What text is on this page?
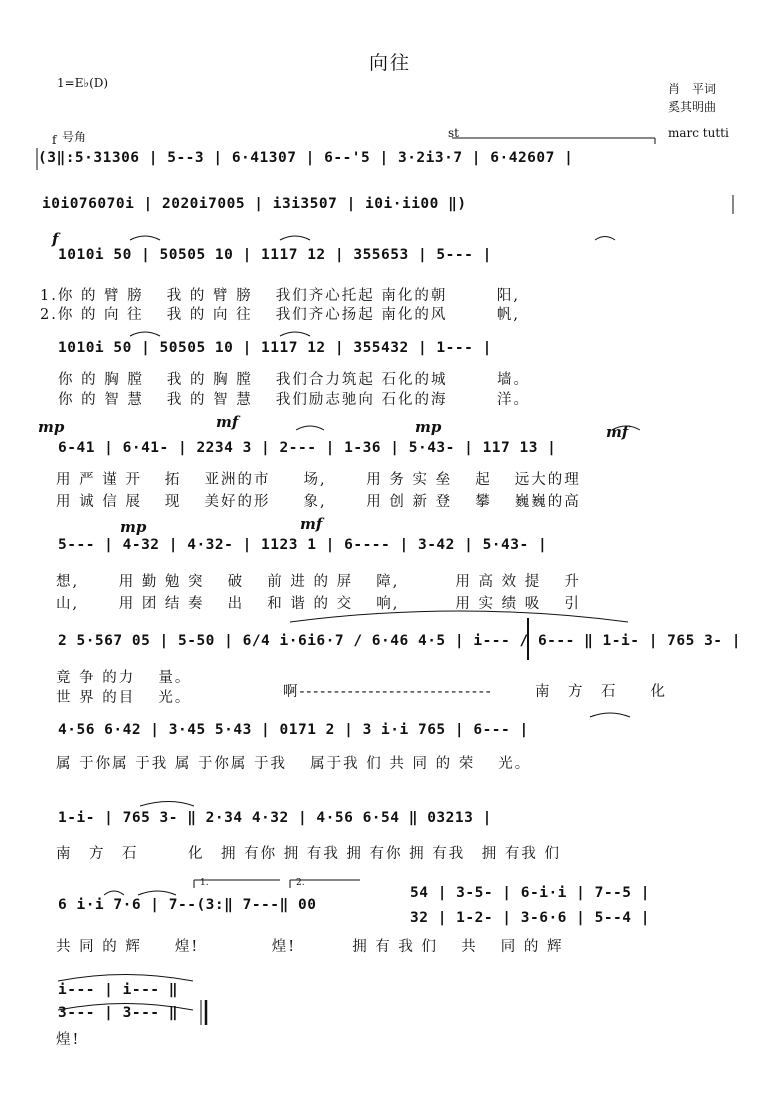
向往
1=E♭(D)	肖　平词
奚其明曲
f 号角	st	marc tutti
(3‖:5·31306 | 5--3 | 6·41307 | 6--'5 | 3·2i3·7 | 6·42607 |
i0i076070i | 2020i7005 | i3i3507 | i0i·ii00 ‖)
f
1010i 50 | 50505 10 | 1117 12 | 355653 | 5--- |
1.你 的 臂 膀　 我 的 臂 膀　 我们齐心托起 南化的朝　　　阳,
2.你 的 向 往　 我 的 向 往　 我们齐心扬起 南化的风　　　帆,
1010i 50 | 50505 10 | 1117 12 | 355432 | 1--- |
你 的 胸 膛　 我 的 胸 膛　 我们合力筑起 石化的城　　　墙。
你 的 智 慧　 我 的 智 慧　 我们励志驰向 石化的海　　　洋。
mp	mf	mp	mf
6-41 | 6·41- | 2234 3 | 2--- | 1-36 | 5·43- | 117 13 |
用 严 谨 开　 拓　 亚洲的市　　场,　　 用 务 实 垒　 起　 远大的理
用 诚 信 展　 现　 美好的形　　象,　　 用 创 新 登　 攀　 巍巍的高
mp	mf
5--- | 4-32 | 4·32- | 1123 1 | 6---- | 3-42 | 5·43- |
想,　　 用 勤 勉 突　 破　 前 进 的 屏　 障,　　　 用 高 效 提　 升
山,　　 用 团 结 奏　 出　 和 谐 的 交　 响,　　　 用 实 绩 吸　 引
2 5·567 05 | 5-50 | 6/4 i·6i6·7 / 6·46 4·5 | i--- / 6--- ‖ 1-i- | 765 3- |
竟 争 的力　 量。
世 界 的目　 光。	啊----------------------------	南　方　石　　化
4·56 6·42 | 3·45 5·43 | 0171 2 | 3 i·i 765 | 6--- |
属 于你属 于我 属 于你属 于我　 属于我 们 共 同 的 荣　 光。
1-i- | 765 3- ‖ 2·34 4·32 | 4·56 6·54 ‖ 03213 |
南　方　石　　　化　拥 有你 拥 有我 拥 有你 拥 有我　拥 有我 们
1.	2.
6 i·i 7·6 | 7--(3:‖ 7---‖ 00
54 | 3-5- | 6-i·i | 7--5 |
32 | 1-2- | 3-6·6 | 5--4 |
共 同 的 辉　　煌!　　　　 煌!　　　 拥 有 我 们　 共　 同 的 辉
i--- | i--- ‖
3--- | 3--- ‖
煌!
